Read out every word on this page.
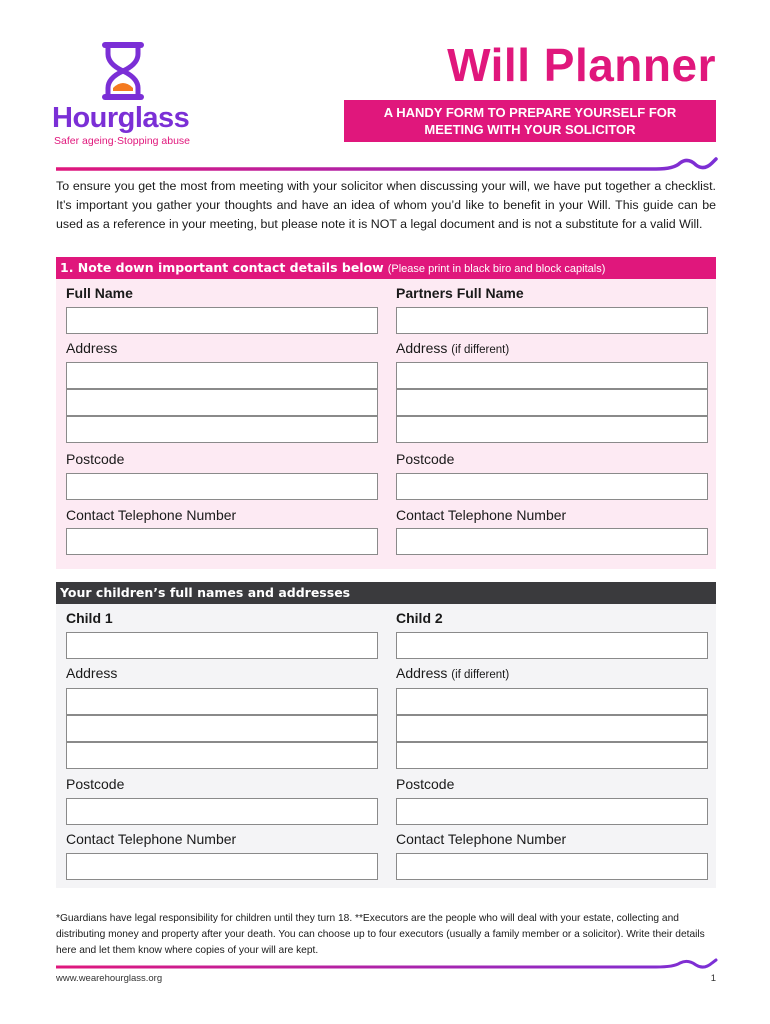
Hourglass
Safer ageing·Stopping abuse
Will Planner
A HANDY FORM TO PREPARE YOURSELF FOR
MEETING WITH YOUR SOLICITOR

To ensure you get the most from meeting with your solicitor when discussing your will, we have put together a checklist. It’s important you gather your thoughts and have an idea of whom you’d like to benefit in your Will. This guide can be used as a reference in your meeting, but please note it is NOT a legal document and is not a substitute for a valid Will.

1. Note down important contact details below (Please print in black biro and block capitals)
Full Name	Partners Full Name
Address	Address (if different)
Postcode	Postcode
Contact Telephone Number	Contact Telephone Number
Your children’s full names and addresses
Child 1	Child 2
Address	Address (if different)
Postcode	Postcode
Contact Telephone Number	Contact Telephone Number

*Guardians have legal responsibility for children until they turn 18. **Executors are the people who will deal with your estate, collecting and distributing money and property after your death. You can choose up to four executors (usually a family member or a solicitor). Write their details here and let them know where copies of your will are kept.

www.wearehourglass.org	1
